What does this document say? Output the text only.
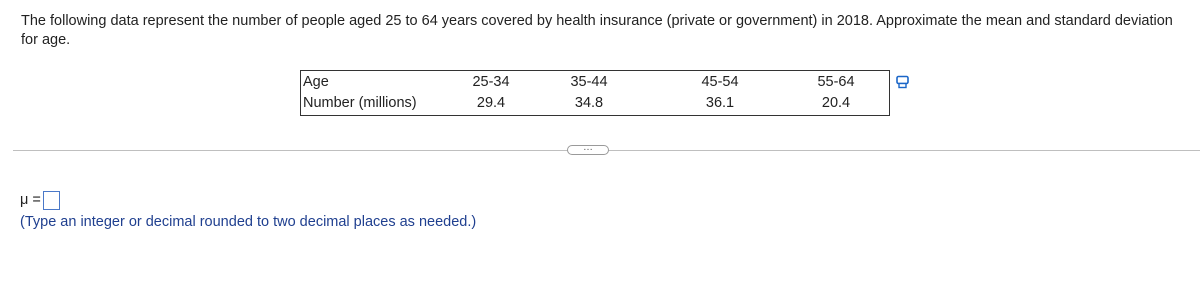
The following data represent the number of people aged 25 to 64 years covered by health insurance (private or government) in 2018. Approximate the mean and standard deviation for age.
Age	25-34	35-44	45-54	55-64
Number (millions)	29.4	34.8	36.1	20.4
…
μ =
(Type an integer or decimal rounded to two decimal places as needed.)
